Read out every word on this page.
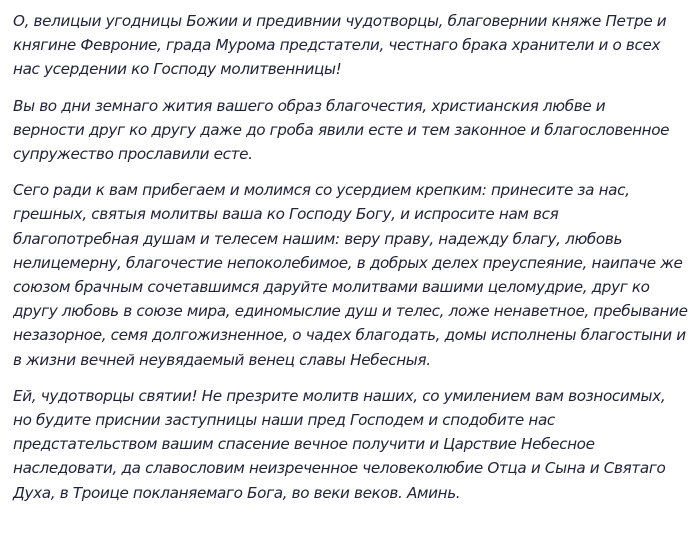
О, велицыи угодницы Божии и предивнии чудотворцы, благовернии княже Петре и
княгине Февроние, града Мурома предстатели, честнаго брака хранители и о всех
нас усердении ко Господу молитвенницы!

Вы во дни земнаго жития вашего образ благочестия, христианския любве и
верности друг ко другу даже до гроба явили есте и тем законное и благословенное
супружество прославили есте.

Сего ради к вам прибегаем и молимся со усердием крепким: принесите за нас,
грешных, святыя молитвы ваша ко Господу Богу, и испросите нам вся
благопотребная душам и телесем нашим: веру праву, надежду благу, любовь
нелицемерну, благочестие непоколебимое, в добрых делех преуспеяние, наипаче же
союзом брачным сочетавшимся даруйте молитвами вашими целомудрие, друг ко
другу любовь в союзе мира, единомыслие душ и телес, ложе ненаветное, пребывание
незазорное, семя долгожизненное, о чадех благодать, домы исполнены благостыни и
в жизни вечней неувядаемый венец славы Небесныя.

Ей, чудотворцы святии! Не презрите молитв наших, со умилением вам возносимых,
но будите приснии заступницы наши пред Господем и сподобите нас
предстательством вашим спасение вечное получити и Царствие Небесное
наследовати, да славословим неизреченное человеколюбие Отца и Сына и Святаго
Духа, в Троице покланяемаго Бога, во веки веков. Аминь.
